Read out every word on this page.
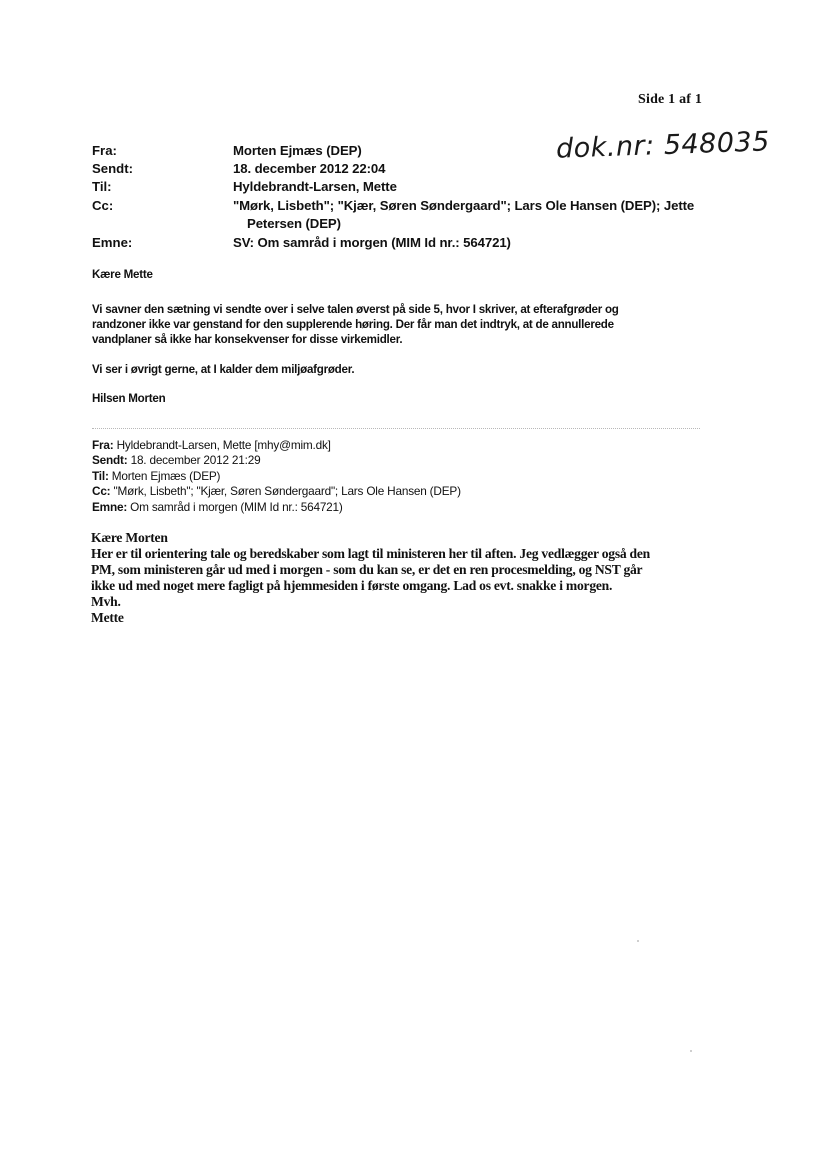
Side 1 af 1
dok.nr: 548035
Fra:	Morten Ejmæs (DEP)
Sendt:	18. december 2012 22:04
Til:	Hyldebrandt-Larsen, Mette
Cc:	"Mørk, Lisbeth"; "Kjær, Søren Søndergaard"; Lars Ole Hansen (DEP); Jette
Petersen (DEP)
Emne:	SV: Om samråd i morgen (MIM Id nr.: 564721)
Kære Mette
Vi savner den sætning vi sendte over i selve talen øverst på side 5, hvor I skriver, at efterafgrøder og
randzoner ikke var genstand for den supplerende høring. Der får man det indtryk, at de annullerede
vandplaner så ikke har konsekvenser for disse virkemidler.
Vi ser i øvrigt gerne, at I kalder dem miljøafgrøder.
Hilsen Morten
Fra: Hyldebrandt-Larsen, Mette [mhy@mim.dk]
Sendt: 18. december 2012 21:29
Til: Morten Ejmæs (DEP)
Cc: "Mørk, Lisbeth"; "Kjær, Søren Søndergaard"; Lars Ole Hansen (DEP)
Emne: Om samråd i morgen (MIM Id nr.: 564721)
Kære Morten
Her er til orientering tale og beredskaber som lagt til ministeren her til aften. Jeg vedlægger også den
PM, som ministeren går ud med i morgen - som du kan se, er det en ren procesmelding, og NST går
ikke ud med noget mere fagligt på hjemmesiden i første omgang. Lad os evt. snakke i morgen.
Mvh.
Mette
